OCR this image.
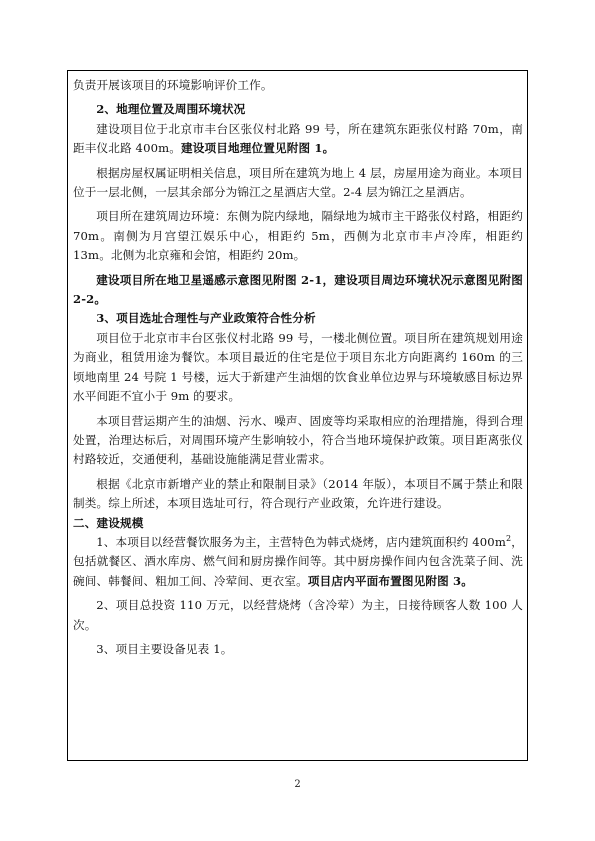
负责开展该项目的环境影响评价工作。

2、地理位置及周围环境状况

建设项目位于北京市丰台区张仪村北路 99 号，所在建筑东距张仪村路 70m，南距丰仪北路 400m。建设项目地理位置见附图 1。

根据房屋权属证明相关信息，项目所在建筑为地上 4 层，房屋用途为商业。本项目位于一层北侧，一层其余部分为锦江之星酒店大堂。2-4 层为锦江之星酒店。

项目所在建筑周边环境：东侧为院内绿地，隔绿地为城市主干路张仪村路，相距约 70m。南侧为月宫望江娱乐中心，相距约 5m，西侧为北京市丰卢冷库，相距约 13m。北侧为北京雍和会馆，相距约 20m。

建设项目所在地卫星遥感示意图见附图 2-1，建设项目周边环境状况示意图见附图 2-2。

3、项目选址合理性与产业政策符合性分析

项目位于北京市丰台区张仪村北路 99 号，一楼北侧位置。项目所在建筑规划用途为商业，租赁用途为餐饮。本项目最近的住宅是位于项目东北方向距离约 160m 的三顷地南里 24 号院 1 号楼，远大于新建产生油烟的饮食业单位边界与环境敏感目标边界水平间距不宜小于 9m 的要求。

本项目营运期产生的油烟、污水、噪声、固废等均采取相应的治理措施，得到合理处置，治理达标后，对周围环境产生影响较小，符合当地环境保护政策。项目距离张仪村路较近，交通便利，基础设施能满足营业需求。

根据《北京市新增产业的禁止和限制目录》（2014 年版），本项目不属于禁止和限制类。综上所述，本项目选址可行，符合现行产业政策，允许进行建设。

二、建设规模

1、本项目以经营餐饮服务为主，主营特色为韩式烧烤，店内建筑面积约 $400m^2$，包括就餐区、酒水库房、燃气间和厨房操作间等。其中厨房操作间内包含洗菜子间、洗碗间、韩餐间、粗加工间、冷荤间、更衣室。项目店内平面布置图见附图 3。

2、项目总投资 110 万元，以经营烧烤（含冷荤）为主，日接待顾客人数 100 人次。

3、项目主要设备见表 1。

2
